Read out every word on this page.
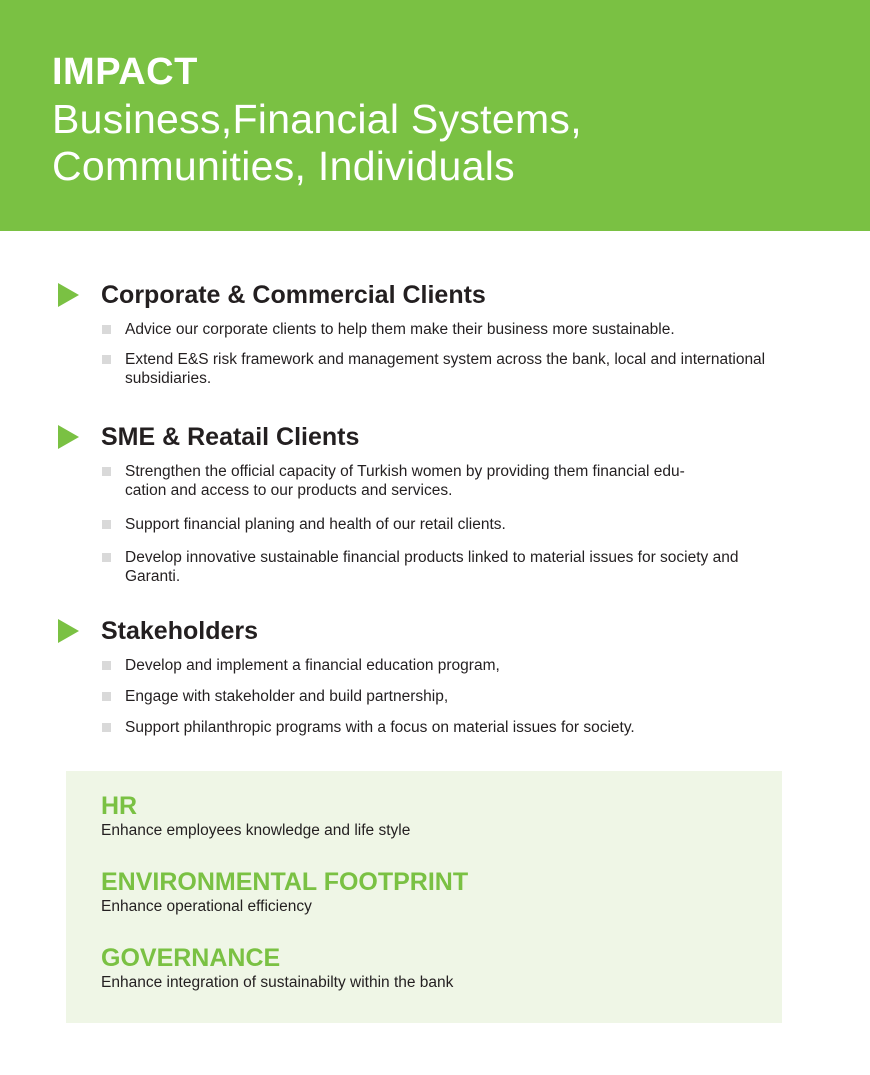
IMPACT
Business,Financial Systems,
Communities, Individuals
Corporate & Commercial Clients
Advice our corporate clients to help them make their business more sustainable.
Extend E&S risk framework and management system across the bank, local and international subsidiaries.
SME & Reatail Clients
Strengthen the official capacity of Turkish women by providing them financial edu-cation and access to our products and services.
Support financial planing and health of our retail clients.
Develop innovative sustainable financial products linked to material issues for society and Garanti.
Stakeholders
Develop and implement a financial education program,
Engage with stakeholder and build partnership,
Support philanthropic programs with a focus on material issues for society.
HR
Enhance employees knowledge and life style
ENVIRONMENTAL FOOTPRINT
Enhance operational efficiency
GOVERNANCE
Enhance integration of sustainabilty within the bank
